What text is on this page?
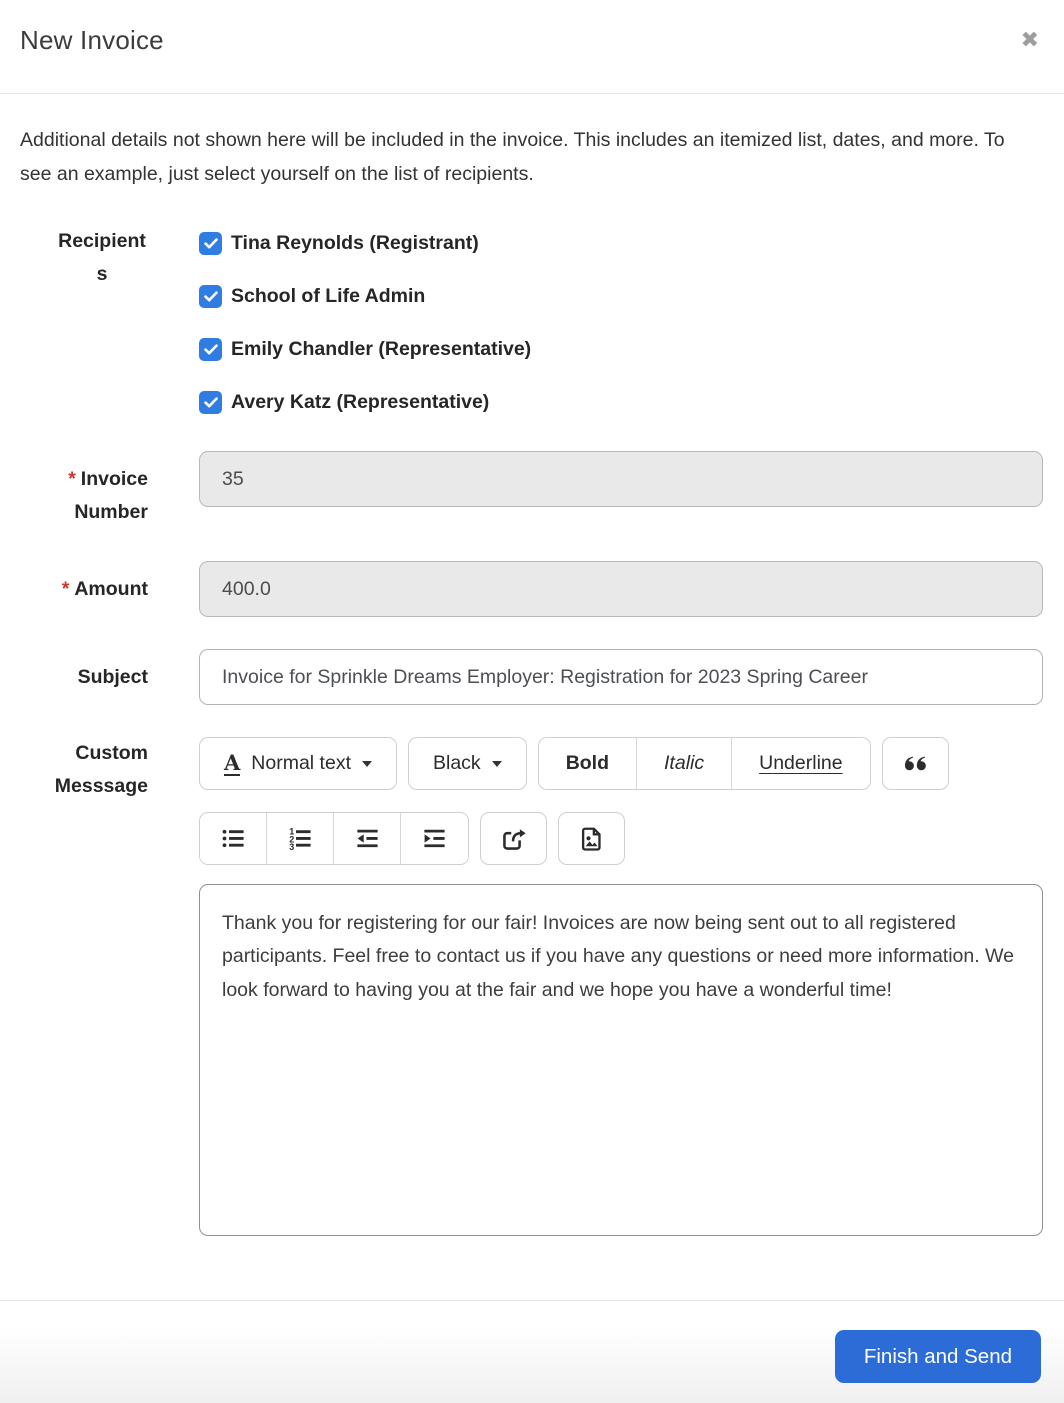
New Invoice	✖

Additional details not shown here will be included in the invoice. This includes an itemized list, dates, and more. To see an example, just select yourself on the list of recipients.

Recipients
Tina Reynolds (Registrant)
School of Life Admin
Emily Chandler (Representative)
Avery Katz (Representative)
* Invoice Number
35
* Amount
400.0
Subject
Invoice for Sprinkle Dreams Employer: Registration for 2023 Spring Career
Custom Messsage
A Normal text	Black	Bold	Italic	Underline
1
2
3
Thank you for registering for our fair! Invoices are now being sent out to all registered participants. Feel free to contact us if you have any questions or need more information. We look forward to having you at the fair and we hope you have a wonderful time!
Finish and Send
